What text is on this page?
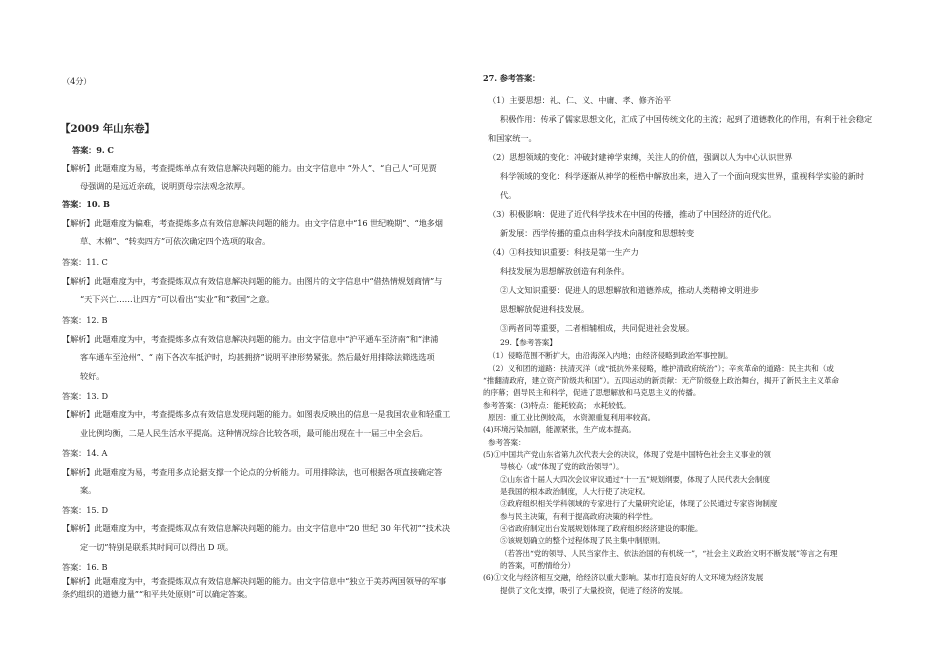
（4分）
【2009 年山东卷】
答案：9. C
【解析】此题难度为易，考查提炼单点有效信息解决问题的能力。由文字信息中 “外人”、“自己人”可见贾
母强调的是远近亲疏，说明贾母宗法观念浓厚。
答案：10. B
【解析】此题难度为偏难，考查提炼多点有效信息解决问题的能力。由文字信息中“16 世纪晚期”、“地多烟
草、木棉”、“转卖四方”可依次确定四个选项的取舍。
答案：11. C
【解析】此题难度为中，考查提炼双点有效信息解决问题的能力。由图片的文字信息中“借热情规划商情”与
“天下兴亡……让四方”可以看出“实业”和“救国”之意。
答案：12. B
【解析】此题难度为中，考查提炼多点有效信息解决问题的能力。由文字信息中“沪平通车至济南”和“津浦
客车通车至沧州”、“ 南下各次车抵沪时，均甚拥挤”说明平津形势紧张。然后最好用排除法筛选选项
较好。
答案：13. D
【解析】此题难度为中，考查提炼多点有效信息发现问题的能力。如图表反映出的信息一是我国农业和轻重工
业比例均衡，二是人民生活水平提高。这种情况综合比较各项，最可能出现在十一届三中全会后。
答案：14. A
【解析】此题难度为易，考查用多点论据支撑一个论点的分析能力。可用排除法，也可根据各项直接确定答
案。
答案：15. D
【解析】此题难度为中，考查提炼双点有效信息解决问题的能力。由文字信息中“20 世纪 30 年代初”“技术决
定一切”特别是联系其时间可以得出 D 项。
答案：16. B
【解析】此题难度为中，考查提炼双点有效信息解决问题的能力。由文字信息中“独立于美苏两国领导的军事
条约组织的道德力量”“和平共处原则”可以确定答案。
27. 参考答案：
（1）主要思想：礼、仁、义、中庸、孝、修齐治平
积极作用：传承了儒家思想文化，汇成了中国传统文化的主流；起到了道德教化的作用，有利于社会稳定
和国家统一。
（2）思想领域的变化：冲破封建神学束缚，关注人的价值，强调以人为中心认识世界
科学领域的变化：科学逐渐从神学的桎梏中解放出来，进入了一个面向现实世界，重视科学实验的新时
代。
（3）积极影响：促进了近代科学技术在中国的传播，推动了中国经济的近代化。
新发展：西学传播的重点由科学技术向制度和思想转变
（4）①科技知识重要：科技是第一生产力
科技发展为思想解放创造有利条件。
②人文知识重要：促进人的思想解放和道德养成，推动人类精神文明进步
思想解放促进科技发展。
③两者同等重要，二者相辅相成，共同促进社会发展。
29.【参考答案】
（1）侵略范围不断扩大，由沿海深入内地；由经济侵略到政治军事控制。
（2）义和团的道路：扶清灭洋（或“抵抗外来侵略，维护清政府统治”）；辛亥革命的道路：民主共和（或
“推翻清政府，建立资产阶级共和国”）。五四运动的新贡献：无产阶级登上政治舞台，揭开了新民主主义革命
的序幕；倡导民主和科学，促进了思想解放和马克思主义的传播。
参考答案：(3)特点：能耗较高； 水耗较低。
原因：重工业比例较高， 水资源重复利用率较高。
(4)环境污染加剧，能源紧张，生产成本提高。
参考答案：
(5)①中国共产党山东省第九次代表大会的决议，体现了党是中国特色社会主义事业的领
导核心（或“体现了党的政治领导”）。
②山东省十届人大四次会议审议通过“十一五”规划纲要，体现了人民代表大会制度
是我国的根本政治制度，人大行使了决定权。
③政府组织相关学科领域的专家进行了大量研究论证，体现了公民通过专家咨询制度
参与民主决策，有利于提高政府决策的科学性。
④省政府制定出台发展规划体现了政府组织经济建设的职能。
⑤该规划确立的整个过程体现了民主集中制原则。
（若答出“党的领导、人民当家作主、依法治国的有机统一”，“社会主义政治文明不断发展”等言之有理
的答案，可酌情给分）
(6)①文化与经济相互交融，给经济以重大影响。某市打造良好的人文环境为经济发展
提供了文化支撑，吸引了大量投资，促进了经济的发展。
